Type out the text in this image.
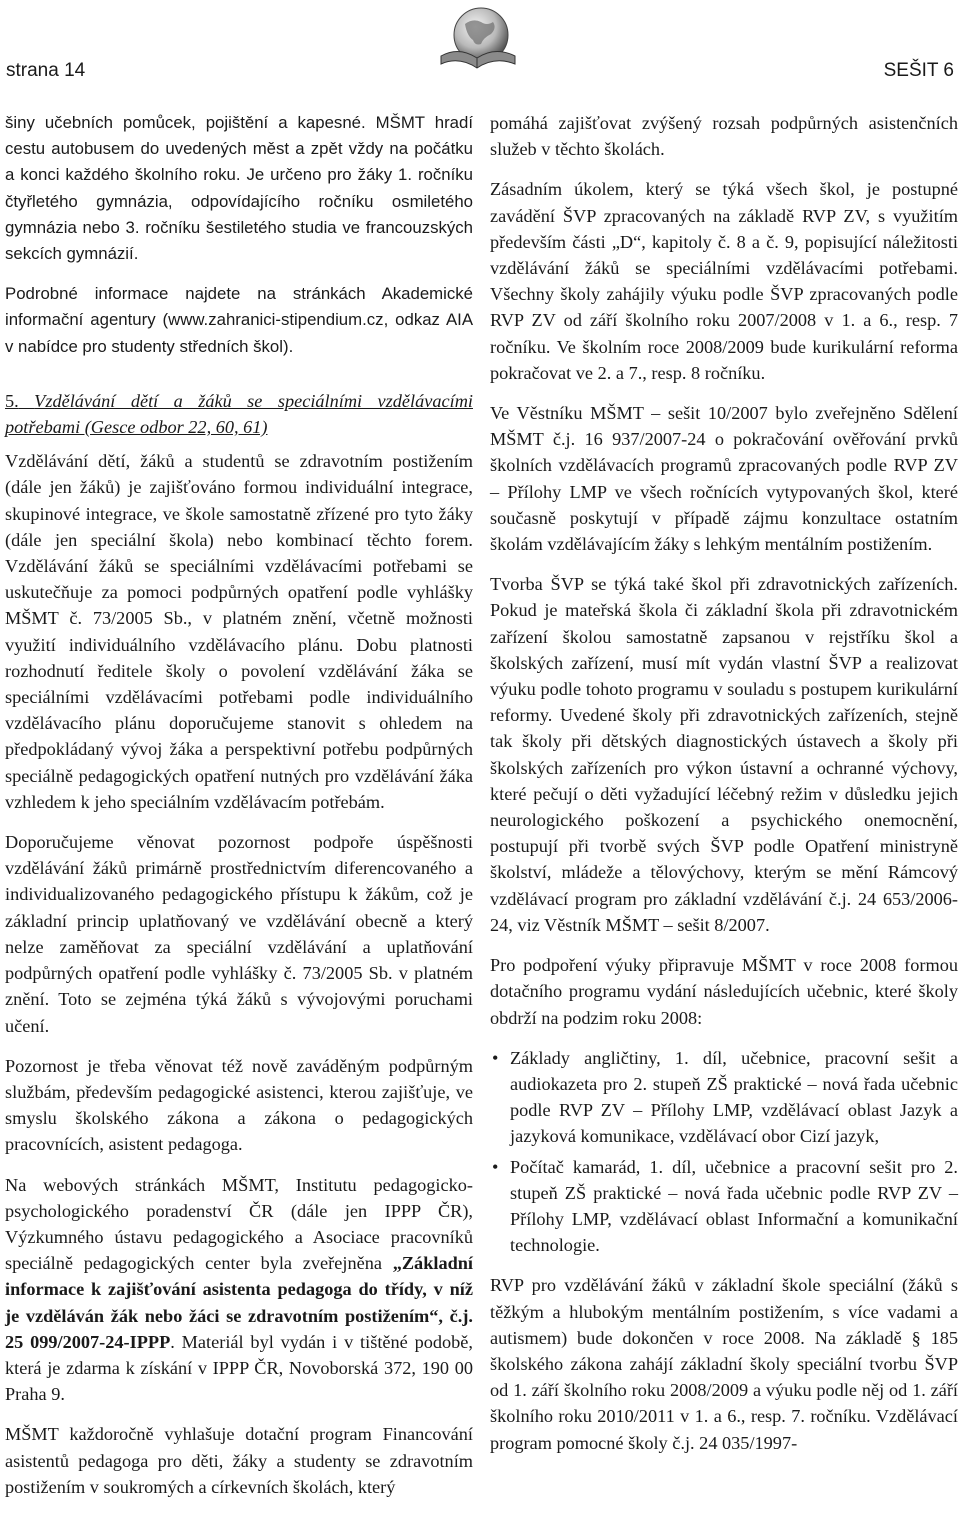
strana 14	SEŠIT 6

šiny učebních pomůcek, pojištění a kapesné. MŠMT hradí cestu autobusem do uvedených měst a zpět vždy na počátku a konci každého školního roku. Je určeno pro žáky 1. ročníku čtyřletého gymnázia, odpovídajícího ročníku osmiletého gymnázia nebo 3. ročníku šestiletého studia ve francouzských sekcích gymnázií.

Podrobné informace najdete na stránkách Akademické informační agentury (www.zahranici-stipendium.cz, odkaz AIA v nabídce pro studenty středních škol).

5. Vzdělávání dětí a žáků se speciálními vzdělávacími potřebami (Gesce odbor 22, 60, 61)

Vzdělávání dětí, žáků a studentů se zdravotním postižením (dále jen žáků) je zajišťováno formou individuální integrace, skupinové integrace, ve škole samostatně zřízené pro tyto žáky (dále jen speciální škola) nebo kombinací těchto forem. Vzdělávání žáků se speciálními vzdělávacími potřebami se uskutečňuje za pomoci podpůrných opatření podle vyhlášky MŠMT č. 73/2005 Sb., v platném znění, včetně možnosti využití individuálního vzdělávacího plánu. Dobu platnosti rozhodnutí ředitele školy o povolení vzdělávání žáka se speciálními vzdělávacími potřebami podle individuálního vzdělávacího plánu doporučujeme stanovit s ohledem na předpokládaný vývoj žáka a perspektivní potřebu podpůrných speciálně pedagogických opatření nutných pro vzdělávání žáka vzhledem k jeho speciálním vzdělávacím potřebám.

Doporučujeme věnovat pozornost podpoře úspěšnosti vzdělávání žáků primárně prostřednictvím diferencovaného a individualizovaného pedagogického přístupu k žákům, což je základní princip uplatňovaný ve vzdělávání obecně a který nelze zaměňovat za speciální vzdělávání a uplatňování podpůrných opatření podle vyhlášky č. 73/2005 Sb. v platném znění. Toto se zejména týká žáků s vývojovými poruchami učení.

Pozornost je třeba věnovat též nově zaváděným podpůrným službám, především pedagogické asistenci, kterou zajišťuje, ve smyslu školského zákona a zákona o pedagogických pracovnících, asistent pedagoga.

Na webových stránkách MŠMT, Institutu pedagogicko-psychologického poradenství ČR (dále jen IPPP ČR), Výzkumného ústavu pedagogického a Asociace pracovníků speciálně pedagogických center byla zveřejněna „Základní informace k zajišťování asistenta pedagoga do třídy, v níž je vzděláván žák nebo žáci se zdravotním postižením“, č.j. 25 099/2007-24-IPPP. Materiál byl vydán i v tištěné podobě, která je zdarma k získání v IPPP ČR, Novoborská 372, 190 00 Praha 9.

MŠMT každoročně vyhlašuje dotační program Financování asistentů pedagoga pro děti, žáky a studenty se zdravotním postižením v soukromých a církevních školách, který

pomáhá zajišťovat zvýšený rozsah podpůrných asistenčních služeb v těchto školách.

Zásadním úkolem, který se týká všech škol, je postupné zavádění ŠVP zpracovaných na základě RVP ZV, s využitím především části „D“, kapitoly č. 8 a č. 9, popisující náležitosti vzdělávání žáků se speciálními vzdělávacími potřebami. Všechny školy zahájily výuku podle ŠVP zpracovaných podle RVP ZV od září školního roku 2007/2008 v 1. a 6., resp. 7 ročníku. Ve školním roce 2008/2009 bude kurikulární reforma pokračovat ve 2. a 7., resp. 8 ročníku.

Ve Věstníku MŠMT – sešit 10/2007 bylo zveřejněno Sdělení MŠMT č.j. 16 937/2007-24 o pokračování ověřování prvků školních vzdělávacích programů zpracovaných podle RVP ZV – Přílohy LMP ve všech ročnících vytypovaných škol, které současně poskytují v případě zájmu konzultace ostatním školám vzdělávajícím žáky s lehkým mentálním postižením.

Tvorba ŠVP se týká také škol při zdravotnických zařízeních. Pokud je mateřská škola či základní škola při zdravotnickém zařízení školou samostatně zapsanou v rejstříku škol a školských zařízení, musí mít vydán vlastní ŠVP a realizovat výuku podle tohoto programu v souladu s postupem kurikulární reformy. Uvedené školy při zdravotnických zařízeních, stejně tak školy při dětských diagnostických ústavech a školy při školských zařízeních pro výkon ústavní a ochranné výchovy, které pečují o děti vyžadující léčebný režim v důsledku jejich neurologického poškození a psychického onemocnění, postupují při tvorbě svých ŠVP podle Opatření ministryně školství, mládeže a tělovýchovy, kterým se mění Rámcový vzdělávací program pro základní vzdělávání č.j. 24 653/2006-24, viz Věstník MŠMT – sešit 8/2007.

Pro podpoření výuky připravuje MŠMT v roce 2008 formou dotačního programu vydání následujících učebnic, které školy obdrží na podzim roku 2008:

• Základy angličtiny, 1. díl, učebnice, pracovní sešit a audiokazeta pro 2. stupeň ZŠ praktické – nová řada učebnic podle RVP ZV – Přílohy LMP, vzdělávací oblast Jazyk a jazyková komunikace, vzdělávací obor Cizí jazyk,
• Počítač kamarád, 1. díl, učebnice a pracovní sešit pro 2. stupeň ZŠ praktické – nová řada učebnic podle RVP ZV – Přílohy LMP, vzdělávací oblast Informační a komunikační technologie.

RVP pro vzdělávání žáků v základní škole speciální (žáků s těžkým a hlubokým mentálním postižením, s více vadami a autismem) bude dokončen v roce 2008. Na základě § 185 školského zákona zahájí základní školy speciální tvorbu ŠVP od 1. září školního roku 2008/2009 a výuku podle něj od 1. září školního roku 2010/2011 v 1. a 6., resp. 7. ročníku. Vzdělávací program pomocné školy č.j. 24 035/1997-
